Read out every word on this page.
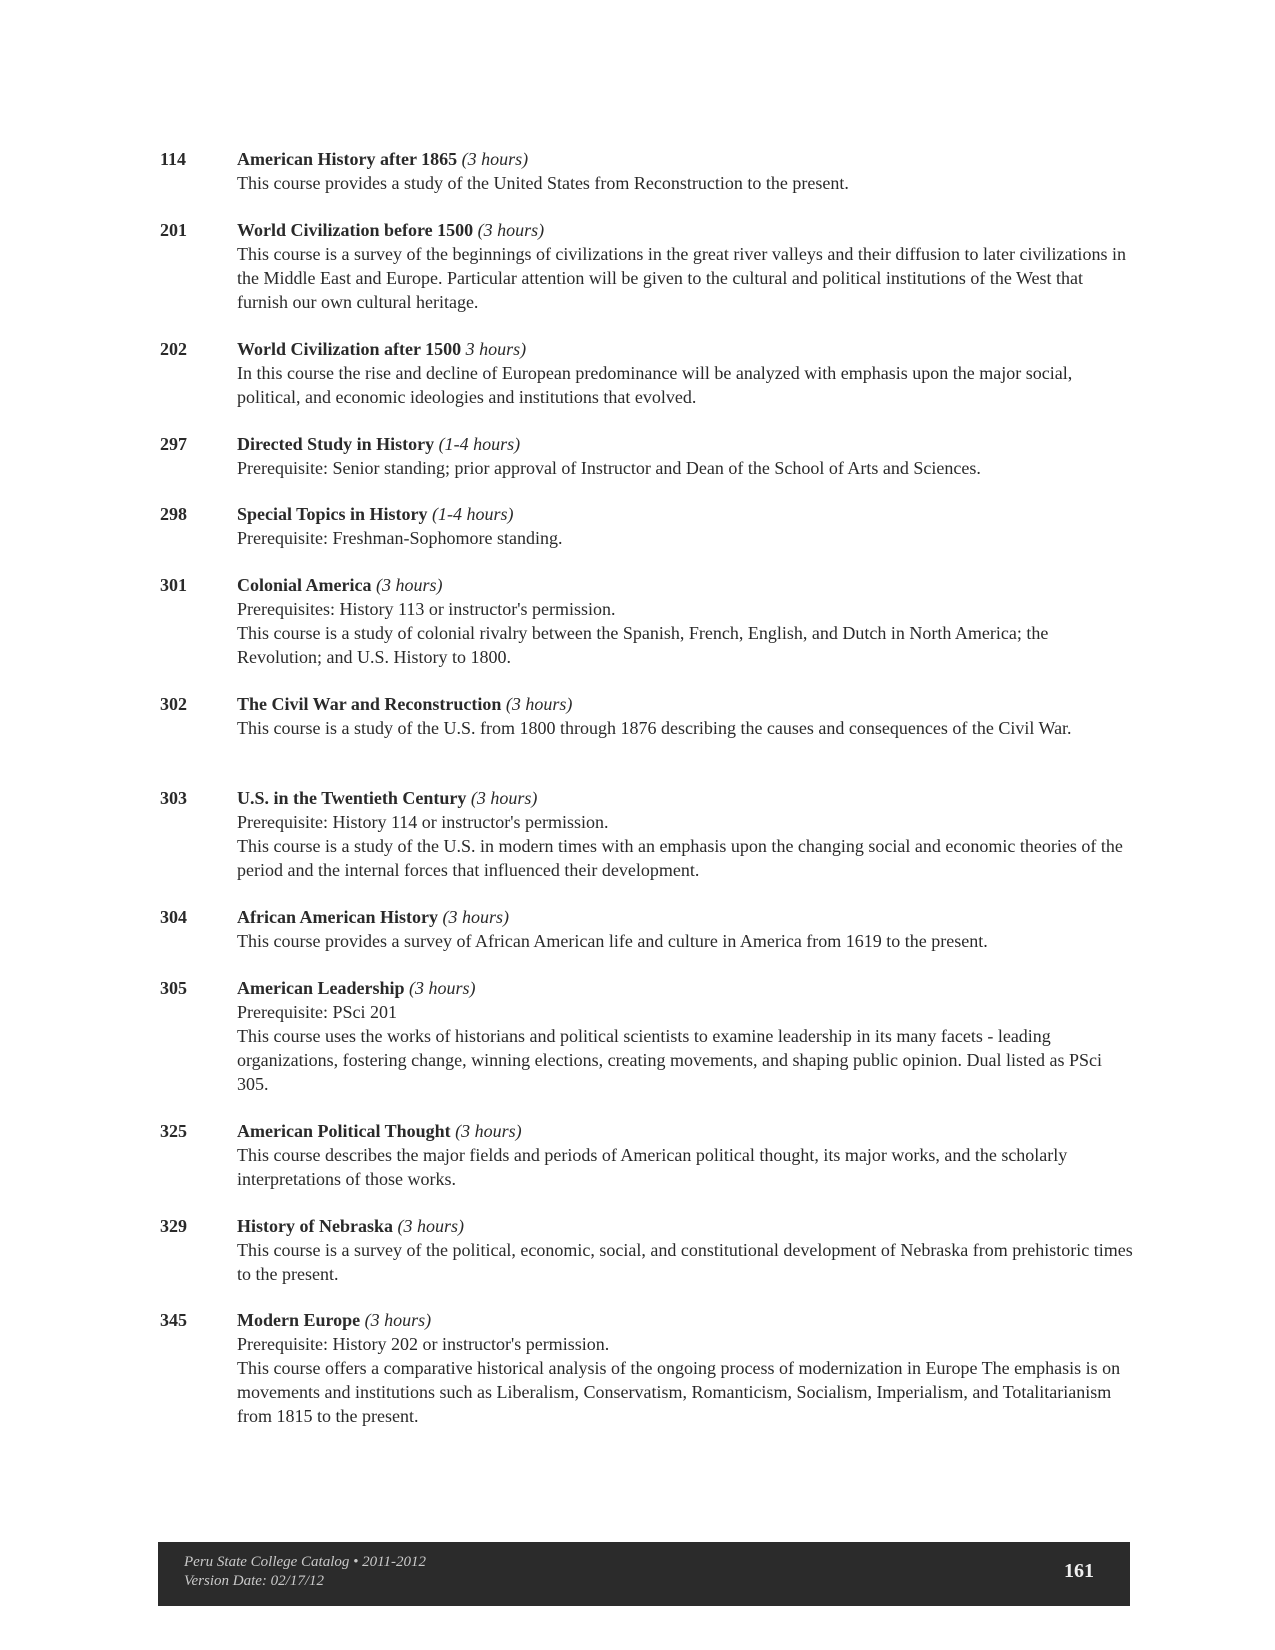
114	American History after 1865 (3 hours)

This course provides a study of the United States from Reconstruction to the present.

201	World Civilization before 1500 (3 hours)

This course is a survey of the beginnings of civilizations in the great river valleys and their diffusion to later civilizations in the Middle East and Europe. Particular attention will be given to the cultural and political institutions of the West that furnish our own cultural heritage.

202	World Civilization after 1500 3 hours)

In this course the rise and decline of European predominance will be analyzed with emphasis upon the major social, political, and economic ideologies and institutions that evolved.

297	Directed Study in History (1-4 hours)

Prerequisite: Senior standing; prior approval of Instructor and Dean of the School of Arts and Sciences.

298	Special Topics in History (1-4 hours)

Prerequisite: Freshman-Sophomore standing.

301	Colonial America (3 hours)

Prerequisites: History 113 or instructor's permission.

This course is a study of colonial rivalry between the Spanish, French, English, and Dutch in North America; the Revolution; and U.S. History to 1800.

302	The Civil War and Reconstruction (3 hours)

This course is a study of the U.S. from 1800 through 1876 describing the causes and consequences of the Civil War.

303	U.S. in the Twentieth Century (3 hours)

Prerequisite: History 114 or instructor's permission.

This course is a study of the U.S. in modern times with an emphasis upon the changing social and economic theories of the period and the internal forces that influenced their development.

304	African American History (3 hours)

This course provides a survey of African American life and culture in America from 1619 to the present.

305	American Leadership (3 hours)

Prerequisite: PSci 201

This course uses the works of historians and political scientists to examine leadership in its many facets - leading organizations, fostering change, winning elections, creating movements, and shaping public opinion. Dual listed as PSci 305.

325	American Political Thought (3 hours)

This course describes the major fields and periods of American political thought, its major works, and the scholarly interpretations of those works.

329	History of Nebraska (3 hours)

This course is a survey of the political, economic, social, and constitutional development of Nebraska from prehistoric times to the present.

345	Modern Europe (3 hours)

Prerequisite: History 202 or instructor's permission.

This course offers a comparative historical analysis of the ongoing process of modernization in Europe The emphasis is on movements and institutions such as Liberalism, Conservatism, Romanticism, Socialism, Imperialism, and Totalitarianism from 1815 to the present.

Peru State College Catalog • 2011-2012
Version Date: 02/17/12	161
